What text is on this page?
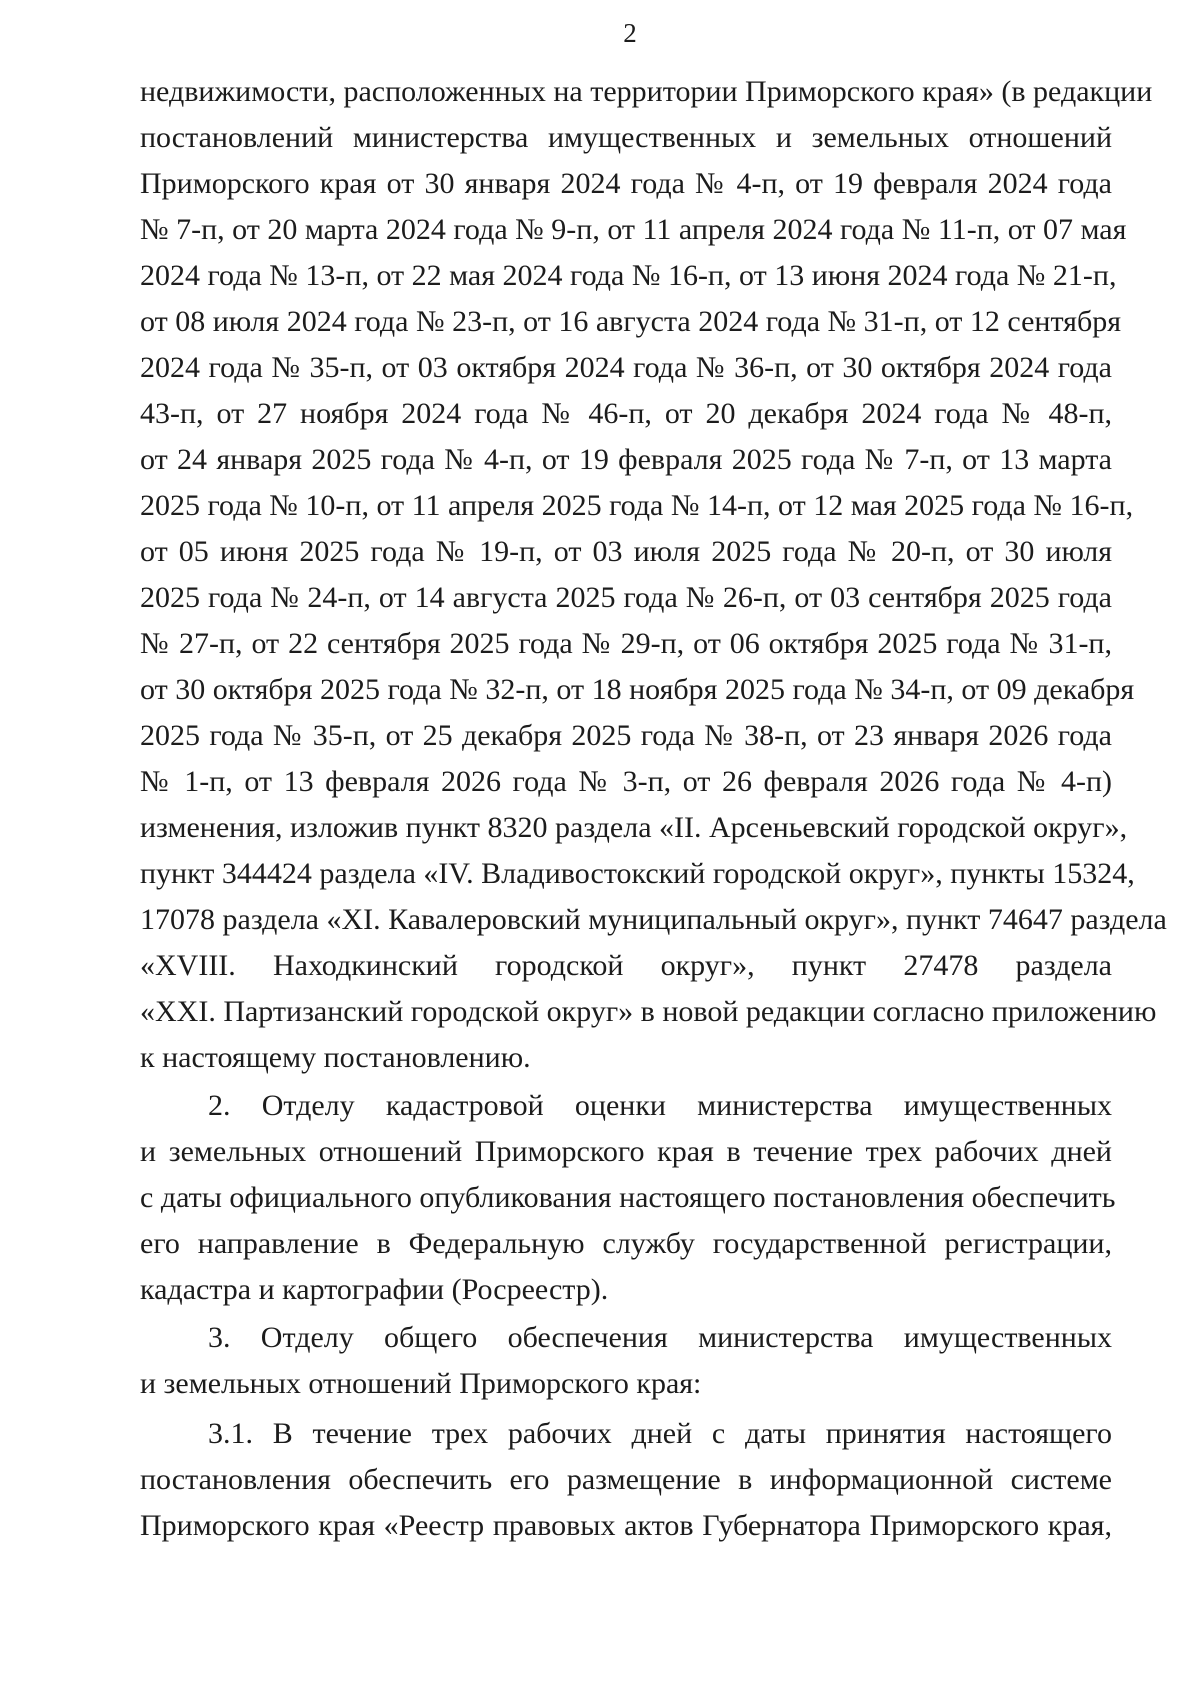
2
недвижимости, расположенных на территории Приморского края» (в редакции
постановлений министерства имущественных и земельных отношений
Приморского края от 30 января 2024 года № 4-п, от 19 февраля 2024 года
№ 7-п, от 20 марта 2024 года № 9-п, от 11 апреля 2024 года № 11-п, от 07 мая
2024 года № 13-п, от 22 мая 2024 года № 16-п, от 13 июня 2024 года № 21-п,
от 08 июля 2024 года № 23-п, от 16 августа 2024 года № 31-п, от 12 сентября
2024 года № 35-п, от 03 октября 2024 года № 36-п, от 30 октября 2024 года
43-п, от 27 ноября 2024 года № 46-п, от 20 декабря 2024 года № 48-п,
от 24 января 2025 года № 4-п, от 19 февраля 2025 года № 7-п, от 13 марта
2025 года № 10-п, от 11 апреля 2025 года № 14-п, от 12 мая 2025 года № 16-п,
от 05 июня 2025 года № 19-п, от 03 июля 2025 года № 20-п, от 30 июля
2025 года № 24-п, от 14 августа 2025 года № 26-п, от 03 сентября 2025 года
№ 27-п, от 22 сентября 2025 года № 29-п, от 06 октября 2025 года № 31-п,
от 30 октября 2025 года № 32-п, от 18 ноября 2025 года № 34-п, от 09 декабря
2025 года № 35-п, от 25 декабря 2025 года № 38-п, от 23 января 2026 года
№ 1-п, от 13 февраля 2026 года № 3-п, от 26 февраля 2026 года № 4-п)
изменения, изложив пункт 8320 раздела «II. Арсеньевский городской округ»,
пункт 344424 раздела «IV. Владивостокский городской округ», пункты 15324,
17078 раздела «XI. Кавалеровский муниципальный округ», пункт 74647 раздела
«XVIII. Находкинский городской округ», пункт 27478 раздела
«XXI. Партизанский городской округ» в новой редакции согласно приложению
к настоящему постановлению.
2. Отделу кадастровой оценки министерства имущественных
и земельных отношений Приморского края в течение трех рабочих дней
с даты официального опубликования настоящего постановления обеспечить
его направление в Федеральную службу государственной регистрации,
кадастра и картографии (Росреестр).
3. Отделу общего обеспечения министерства имущественных
и земельных отношений Приморского края:
3.1. В течение трех рабочих дней с даты принятия настоящего
постановления обеспечить его размещение в информационной системе
Приморского края «Реестр правовых актов Губернатора Приморского края,
